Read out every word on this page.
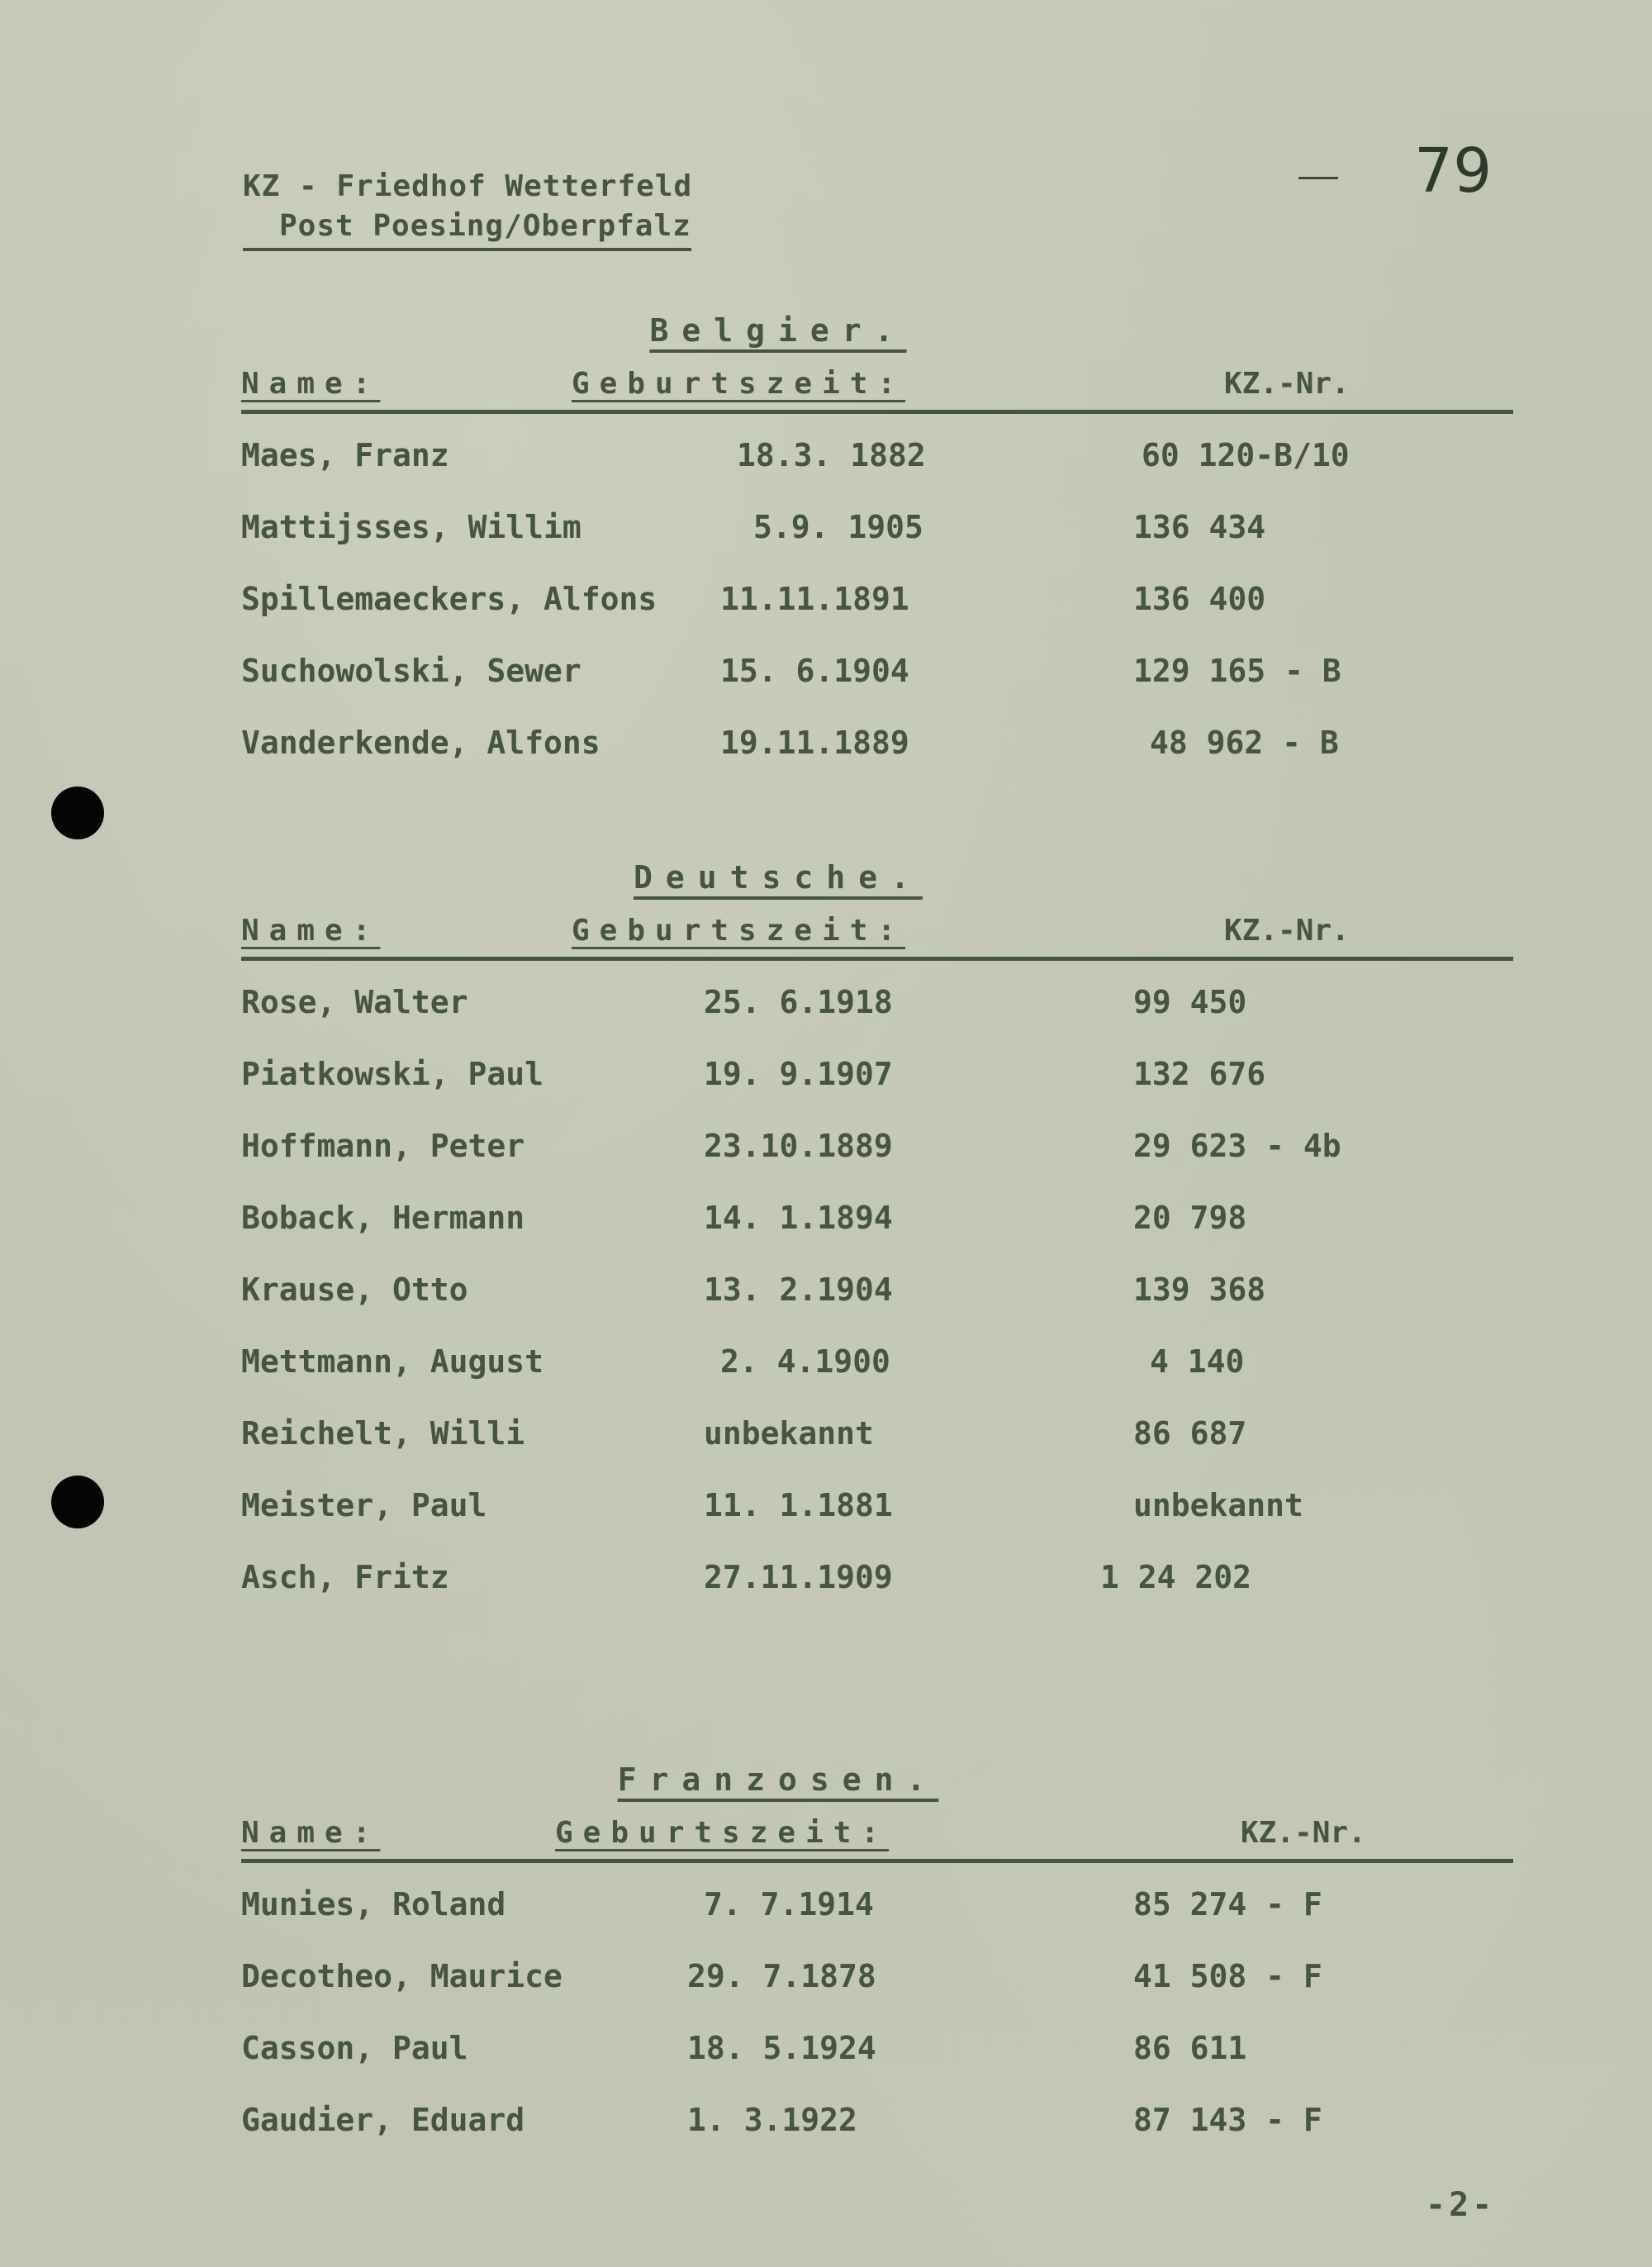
KZ - Friedhof Wetterfeld
Post Poesing/Oberpfalz
79
Belgier.
Name:	Geburtszeit:	KZ.-Nr.
Maes, Franz	18.3. 1882	60 120-B/10
Mattijsses, Willim	5.9. 1905	136 434
Spillemaeckers, Alfons	11.11.1891	136 400
Suchowolski, Sewer	15. 6.1904	129 165 - B
Vanderkende, Alfons	19.11.1889	48 962 - B
Deutsche.
Name:	Geburtszeit:	KZ.-Nr.
Rose, Walter	25. 6.1918	99 450
Piatkowski, Paul	19. 9.1907	132 676
Hoffmann, Peter	23.10.1889	29 623 - 4b
Boback, Hermann	14. 1.1894	20 798
Krause, Otto	13. 2.1904	139 368
Mettmann, August	2. 4.1900	4 140
Reichelt, Willi	unbekannt	86 687
Meister, Paul	11. 1.1881	unbekannt
Asch, Fritz	27.11.1909	1 24 202
Franzosen.
Name:	Geburtszeit:	KZ.-Nr.
Munies, Roland	7. 7.1914	85 274 - F
Decotheo, Maurice	29. 7.1878	41 508 - F
Casson, Paul	18. 5.1924	86 611
Gaudier, Eduard	1. 3.1922	87 143 - F
-2-
